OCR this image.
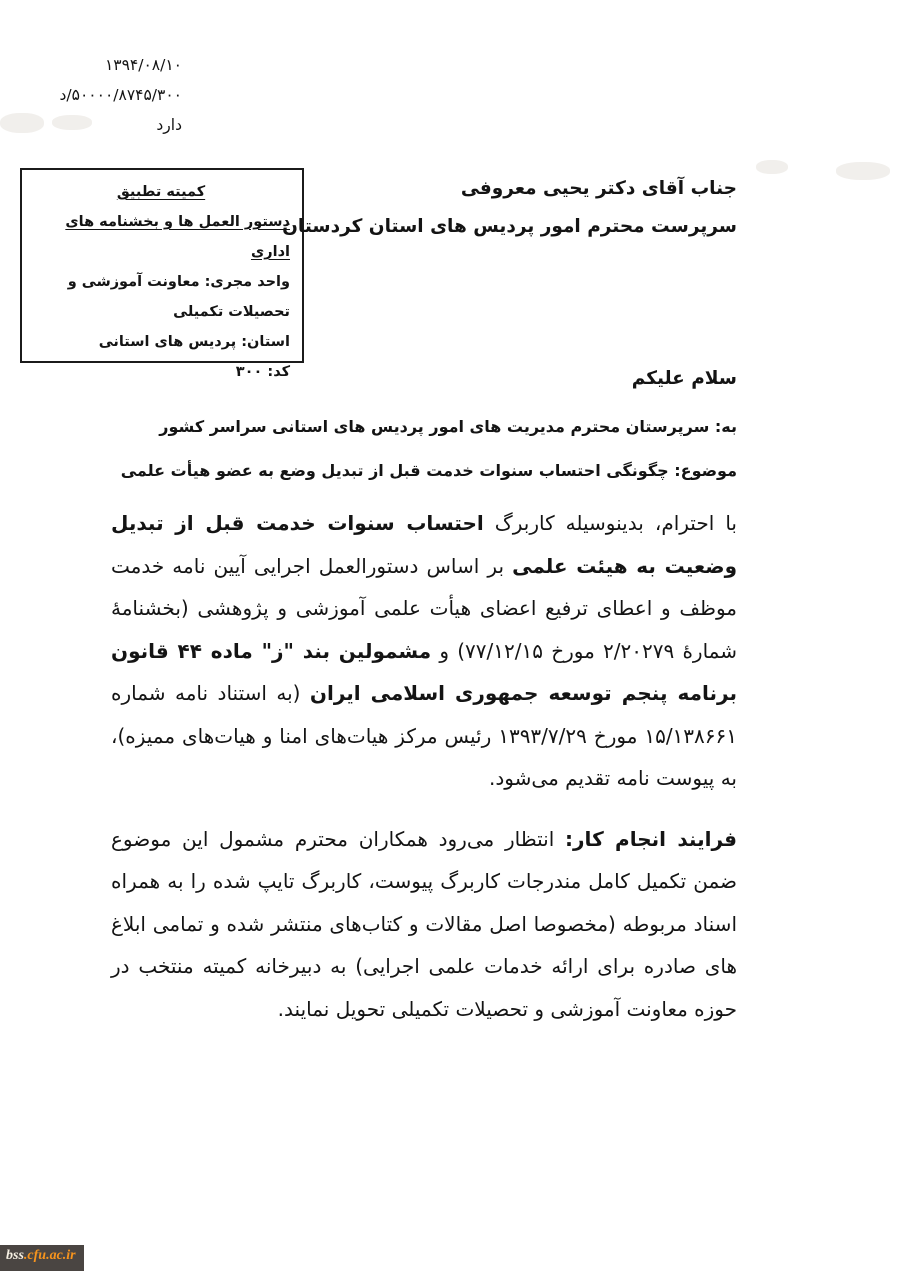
۱۳۹۴/۰۸/۱۰
۵۰۰۰۰/۸۷۴۵/۳۰۰/د
دارد
کمیته تطبیق
دستور العمل ها و بخشنامه های اداری
واحد مجری: معاونت آموزشی و تحصیلات تکمیلی
استان: پردیس های استانی
کد: ۳۰۰
جناب آقای دکتر یحیی معروفی
سرپرست محترم امور پردیس های استان کردستان
سلام علیکم
به: سرپرستان محترم مدیریت های امور پردیس های استانی سراسر کشور
موضوع: چگونگی احتساب سنوات خدمت قبل از تبدیل وضع به عضو هیأت علمی

با احترام، بدینوسیله کاربرگ احتساب سنوات خدمت قبل از تبدیل وضعیت به هیئت علمی بر اساس دستورالعمل اجرایی آیین نامه خدمت موظف و اعطای ترفیع اعضای هیأت علمی آموزشی و پژوهشی (بخشنامهٔ شمارهٔ ۲/۲۰۲۷۹ مورخ ۷۷/۱۲/۱۵) و مشمولین بند "ز" ماده ۴۴ قانون برنامه پنجم توسعه جمهوری اسلامی ایران (به استناد نامه شماره ۱۵/۱۳۸۶۶۱ مورخ ۱۳۹۳/۷/۲۹ رئیس مرکز هیات‌های امنا و هیات‌های ممیزه)، به پیوست نامه تقدیم می‌شود.

فرایند انجام کار: انتظار می‌رود همکاران محترم مشمول این موضوع ضمن تکمیل کامل مندرجات کاربرگ پیوست، کاربرگ تایپ شده را به همراه اسناد مربوطه (مخصوصا اصل مقالات و کتاب‌های منتشر شده و تمامی ابلاغ های صادره برای ارائه خدمات علمی اجرایی) به دبیرخانه کمیته منتخب در حوزه معاونت آموزشی و تحصیلات تکمیلی تحویل نمایند.

bss.cfu.ac.ir
